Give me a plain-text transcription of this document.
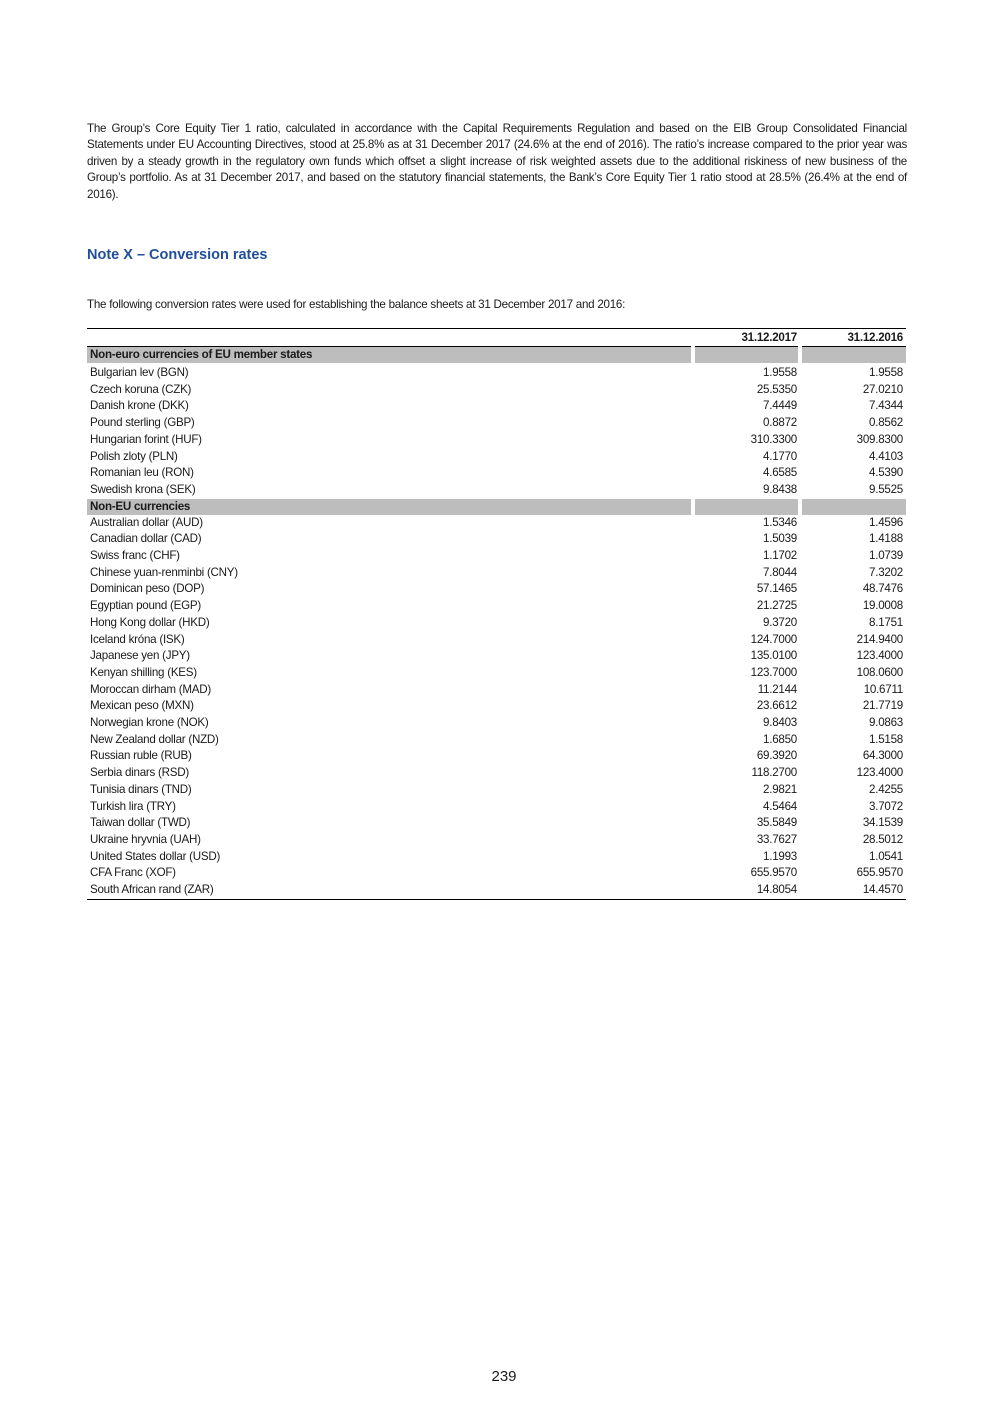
The Group’s Core Equity Tier 1 ratio, calculated in accordance with the Capital Requirements Regulation and based on the EIB Group Consolidated Financial Statements under EU Accounting Directives, stood at 25.8% as at 31 December 2017 (24.6% at the end of 2016). The ratio’s increase compared to the prior year was driven by a steady growth in the regulatory own funds which offset a slight increase of risk weighted assets due to the additional riskiness of new business of the Group’s portfolio. As at 31 December 2017, and based on the statutory financial statements, the Bank’s Core Equity Tier 1 ratio stood at 28.5% (26.4% at the end of 2016).

Note X – Conversion rates

The following conversion rates were used for establishing the balance sheets at 31 December 2017 and 2016:

	31.12.2017	31.12.2016
Non-euro currencies of EU member states		
Bulgarian lev (BGN)	1.9558	1.9558
Czech koruna (CZK)	25.5350	27.0210
Danish krone (DKK)	7.4449	7.4344
Pound sterling (GBP)	0.8872	0.8562
Hungarian forint (HUF)	310.3300	309.8300
Polish zloty (PLN)	4.1770	4.4103
Romanian leu (RON)	4.6585	4.5390
Swedish krona (SEK)	9.8438	9.5525
Non-EU currencies		
Australian dollar (AUD)	1.5346	1.4596
Canadian dollar (CAD)	1.5039	1.4188
Swiss franc (CHF)	1.1702	1.0739
Chinese yuan-renminbi (CNY)	7.8044	7.3202
Dominican peso (DOP)	57.1465	48.7476
Egyptian pound (EGP)	21.2725	19.0008
Hong Kong dollar (HKD)	9.3720	8.1751
Iceland króna (ISK)	124.7000	214.9400
Japanese yen (JPY)	135.0100	123.4000
Kenyan shilling (KES)	123.7000	108.0600
Moroccan dirham (MAD)	11.2144	10.6711
Mexican peso (MXN)	23.6612	21.7719
Norwegian krone (NOK)	9.8403	9.0863
New Zealand dollar (NZD)	1.6850	1.5158
Russian ruble (RUB)	69.3920	64.3000
Serbia dinars (RSD)	118.2700	123.4000
Tunisia dinars (TND)	2.9821	2.4255
Turkish lira (TRY)	4.5464	3.7072
Taiwan dollar (TWD)	35.5849	34.1539
Ukraine hryvnia (UAH)	33.7627	28.5012
United States dollar (USD)	1.1993	1.0541
CFA Franc (XOF)	655.9570	655.9570
South African rand (ZAR)	14.8054	14.4570

239
